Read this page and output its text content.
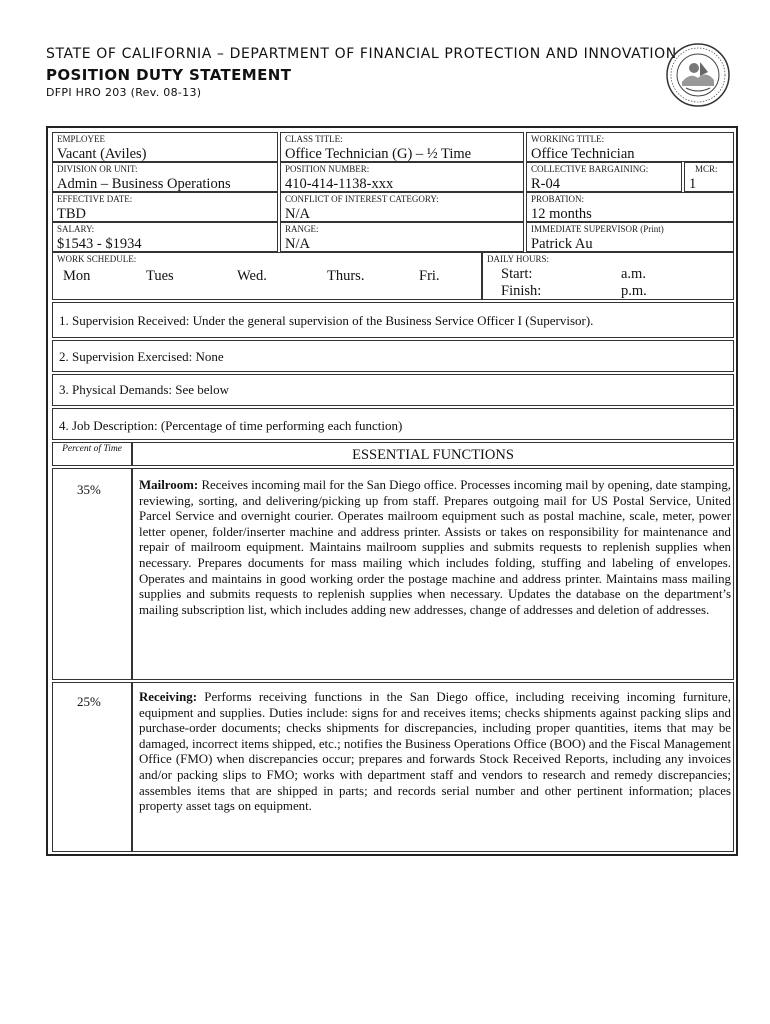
STATE OF CALIFORNIA – DEPARTMENT OF FINANCIAL PROTECTION AND INNOVATION
POSITION DUTY STATEMENT
DFPI HRO 203 (Rev. 08-13)
EMPLOYEE
Vacant (Aviles)
CLASS TITLE:
Office Technician (G) – ½ Time
WORKING TITLE:
Office Technician
DIVISION OR UNIT:
Admin – Business Operations
POSITION NUMBER:
410-414-1138-xxx
COLLECTIVE BARGAINING:
R-04
MCR:
1
EFFECTIVE DATE:
TBD
CONFLICT OF INTEREST CATEGORY:
N/A
PROBATION:
12 months
SALARY:
$1543 - $1934
RANGE:
N/A
IMMEDIATE SUPERVISOR (Print)
Patrick Au
WORK SCHEDULE:
Mon	Tues	Wed.	Thurs.	Fri.
DAILY HOURS:
Start:	a.m.
Finish:	p.m.
1. Supervision Received: Under the general supervision of the Business Service Officer I (Supervisor).
2. Supervision Exercised: None
3. Physical Demands: See below
4. Job Description: (Percentage of time performing each function)
Percent of Time	ESSENTIAL FUNCTIONS
35%	Mailroom: Receives incoming mail for the San Diego office. Processes incoming mail by opening, date stamping, reviewing, sorting, and delivering/picking up from staff. Prepares outgoing mail for US Postal Service, United Parcel Service and overnight courier. Operates mailroom equipment such as postal machine, scale, meter, power letter opener, folder/inserter machine and address printer. Assists or takes on responsibility for maintenance and repair of mailroom equipment. Maintains mailroom supplies and submits requests to replenish supplies when necessary. Prepares documents for mass mailing which includes folding, stuffing and labeling of envelopes. Operates and maintains in good working order the postage machine and address printer. Maintains mass mailing supplies and submits requests to replenish supplies when necessary. Updates the database on the department’s mailing subscription list, which includes adding new addresses, change of addresses and deletion of addresses.
25%	Receiving: Performs receiving functions in the San Diego office, including receiving incoming furniture, equipment and supplies. Duties include: signs for and receives items; checks shipments against packing slips and purchase-order documents; checks shipments for discrepancies, including proper quantities, items that may be damaged, incorrect items shipped, etc.; notifies the Business Operations Office (BOO) and the Fiscal Management Office (FMO) when discrepancies occur; prepares and forwards Stock Received Reports, including any invoices and/or packing slips to FMO; works with department staff and vendors to research and remedy discrepancies; assembles items that are shipped in parts; and records serial number and other pertinent information; places property asset tags on equipment.
